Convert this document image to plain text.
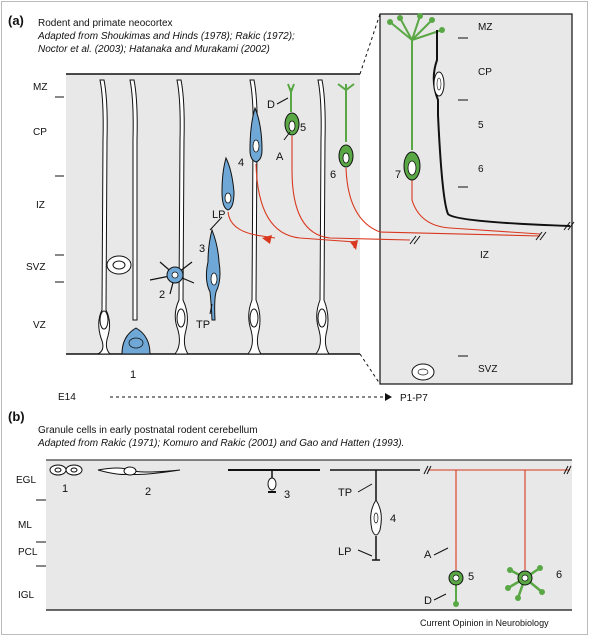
(a) Rodent and primate neocortex
Adapted from Shoukimas and Hinds (1978); Rakic (1972);
Noctor et al. (2003); Hatanaka and Murakami (2002)
MZ
CP
IZ
SVZ
VZ
MZ
CP
5
6
IZ
SVZ
LP
TP
D
A
1
2
3
4
5
6	7
E14	P1-P7
(b)
Granule cells in early postnatal rodent cerebellum
Adapted from Rakic (1971); Komuro and Rakic (2001) and Gao and Hatten (1993).
EGL
ML
PCL
IGL
TP
LP	A
D
1	2	3
4
5	6
Current Opinion in Neurobiology
